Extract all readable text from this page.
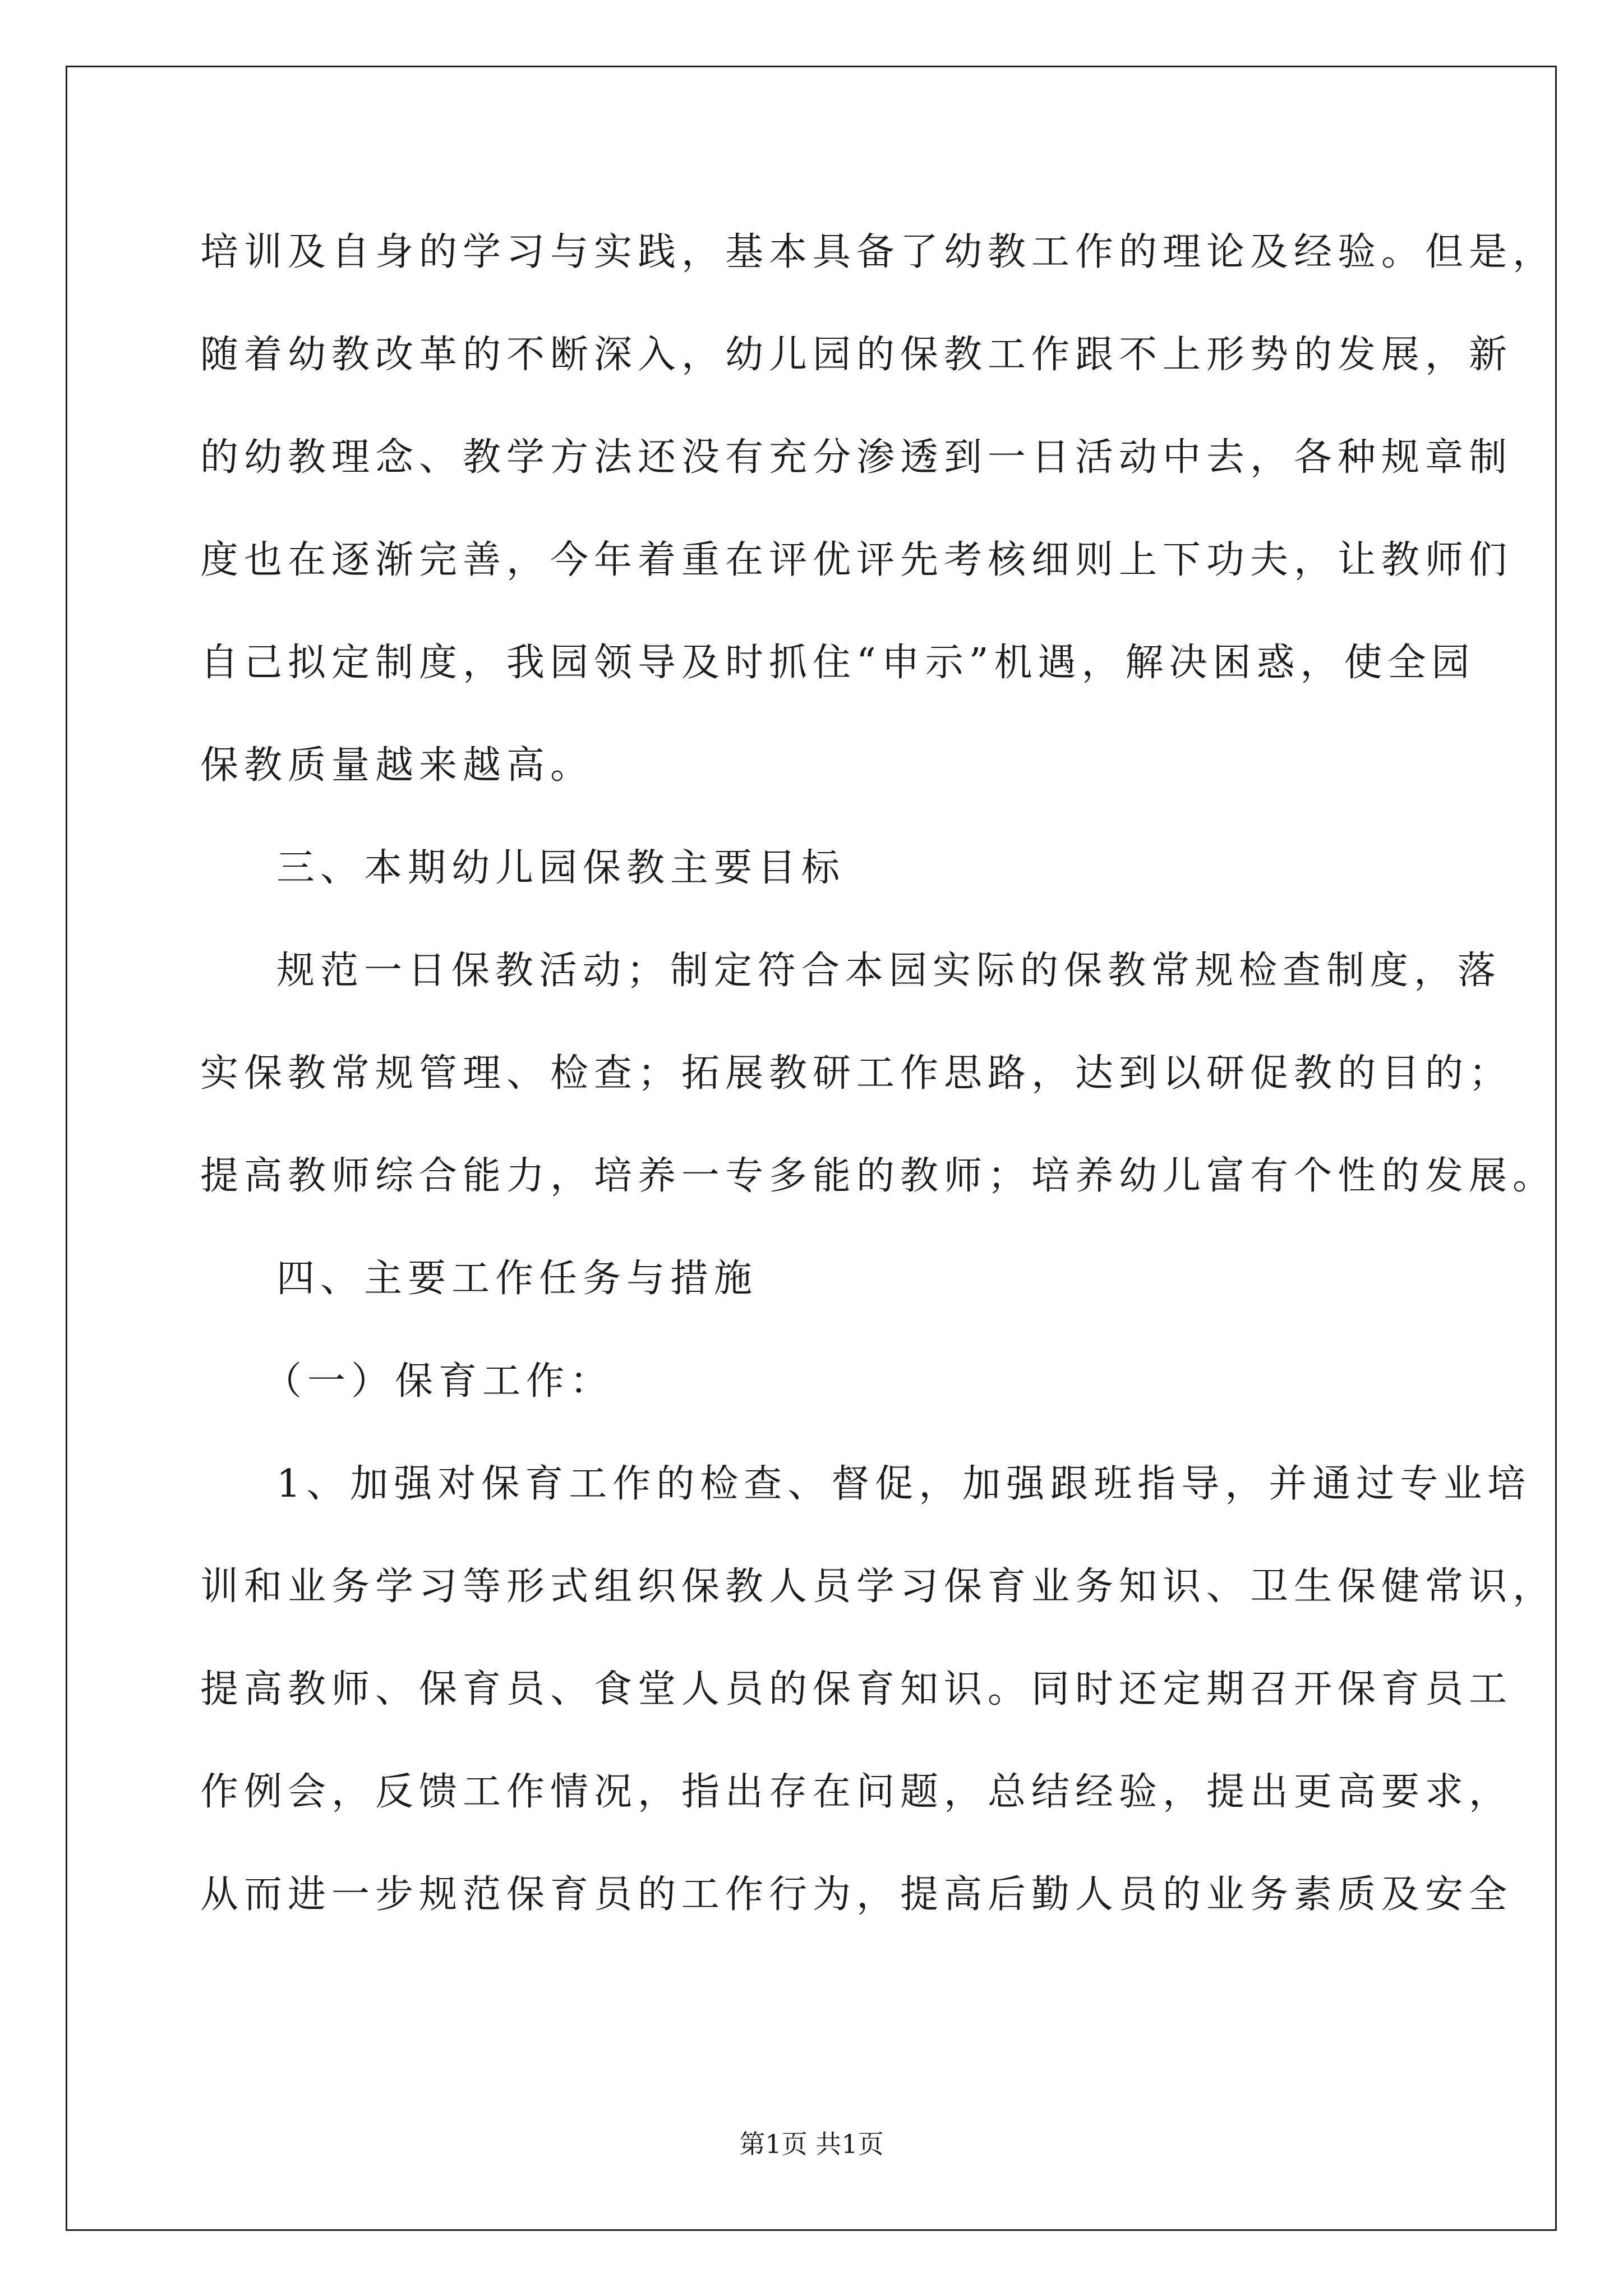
培训及自身的学习与实践，基本具备了幼教工作的理论及经验。但是，
随着幼教改革的不断深入，幼儿园的保教工作跟不上形势的发展，新
的幼教理念、教学方法还没有充分渗透到一日活动中去，各种规章制
度也在逐渐完善，今年着重在评优评先考核细则上下功夫，让教师们
自己拟定制度，我园领导及时抓住“申示”机遇，解决困惑，使全园
保教质量越来越高。
三、本期幼儿园保教主要目标
规范一日保教活动；制定符合本园实际的保教常规检查制度，落
实保教常规管理、检查；拓展教研工作思路，达到以研促教的目的；
提高教师综合能力，培养一专多能的教师；培养幼儿富有个性的发展。
四、主要工作任务与措施
（一）保育工作：
1、加强对保育工作的检查、督促，加强跟班指导，并通过专业培
训和业务学习等形式组织保教人员学习保育业务知识、卫生保健常识，
提高教师、保育员、食堂人员的保育知识。同时还定期召开保育员工
作例会，反馈工作情况，指出存在问题，总结经验，提出更高要求，
从而进一步规范保育员的工作行为，提高后勤人员的业务素质及安全
第1页 共1页
